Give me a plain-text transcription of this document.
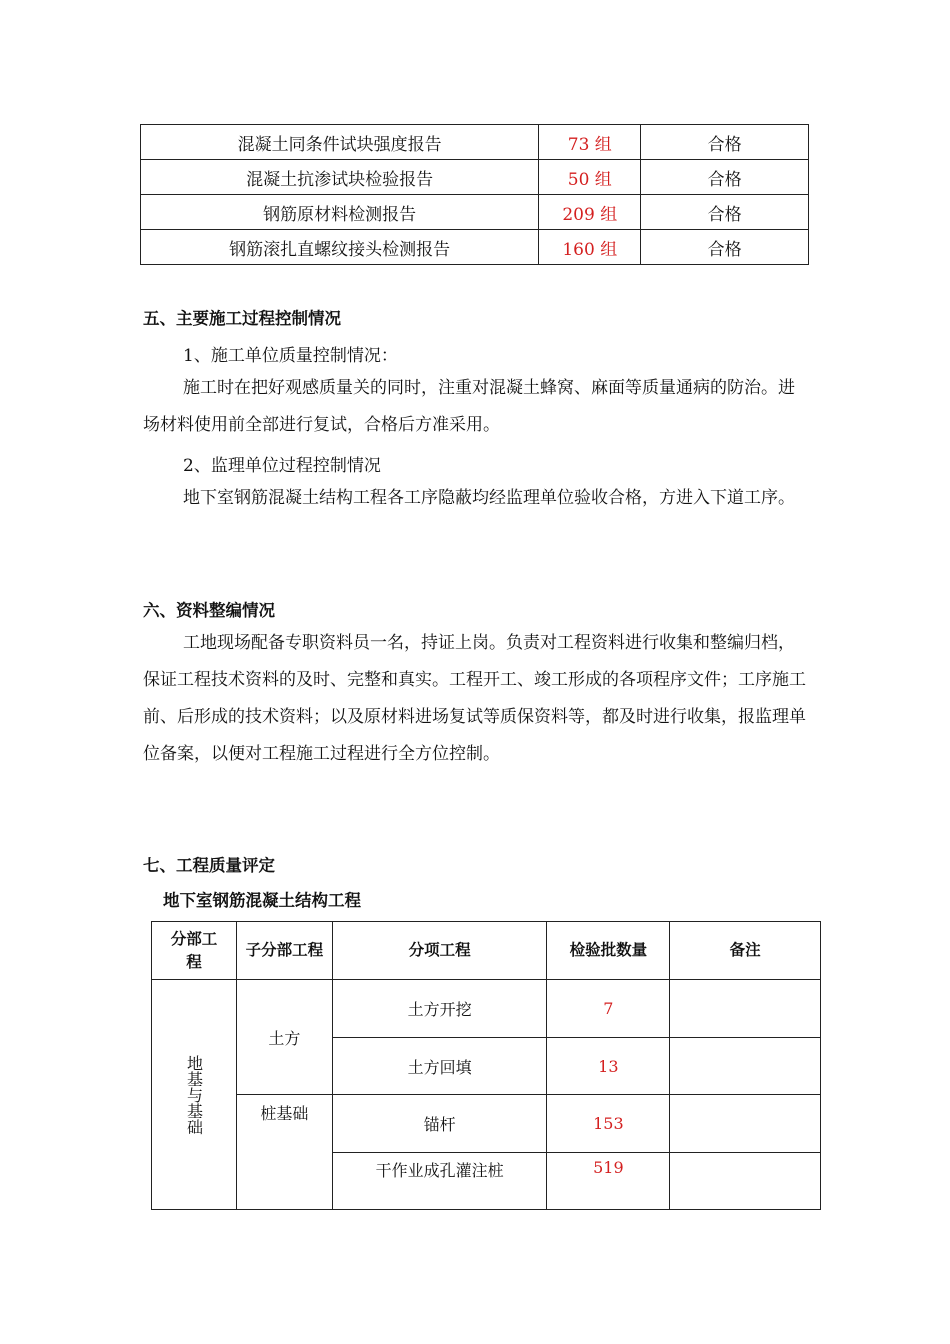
混凝土同条件试块强度报告	73 组	合格
混凝土抗渗试块检验报告	50 组	合格
钢筋原材料检测报告	209 组	合格
钢筋滚扎直螺纹接头检测报告	160 组	合格
五、主要施工过程控制情况
1、施工单位质量控制情况：
施工时在把好观感质量关的同时，注重对混凝土蜂窝、麻面等质量通病的防治。进场材料使用前全部进行复试，合格后方准采用。
2、监理单位过程控制情况
地下室钢筋混凝土结构工程各工序隐蔽均经监理单位验收合格，方进入下道工序。
六、资料整编情况
工地现场配备专职资料员一名，持证上岗。负责对工程资料进行收集和整编归档，保证工程技术资料的及时、完整和真实。工程开工、竣工形成的各项程序文件；工序施工前、后形成的技术资料；以及原材料进场复试等质保资料等，都及时进行收集，报监理单位备案，以便对工程施工过程进行全方位控制。
七、工程质量评定
地下室钢筋混凝土结构工程
分部工程	子分部工程	分项工程	检验批数量	备注

地基与基础	土方	土方开挖	7	
		土方回填	13	
	桩基础	锚杆	153	
		干作业成孔灌注桩	519	
